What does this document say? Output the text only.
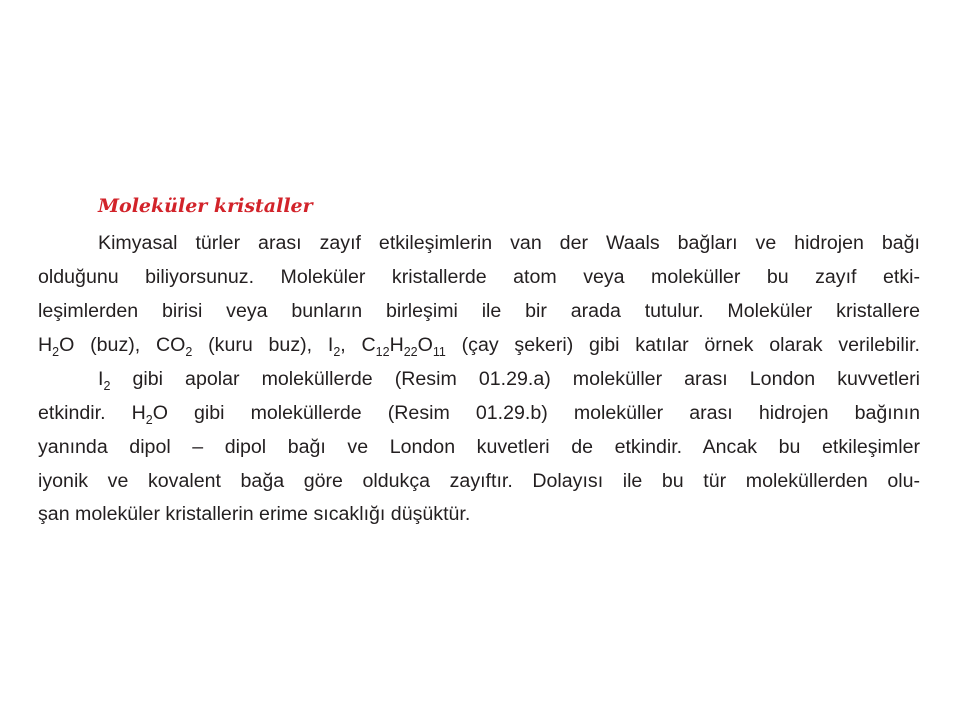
Moleküler kristaller
Kimyasal türler arası zayıf etkileşimlerin van der Waals bağları ve hidrojen bağı
olduğunu biliyorsunuz. Moleküler kristallerde atom veya moleküller bu zayıf etki-
leşimlerden birisi veya bunların birleşimi ile bir arada tutulur. Moleküler kristallere
$H_2O$ (buz), $CO_2$ (kuru buz), $I_2$, $C_{12}H_{22}O_{11}$ (çay şekeri) gibi katılar örnek olarak verilebilir.
$I_2$ gibi apolar moleküllerde (Resim 01.29.a) moleküller arası London kuvvetleri
etkindir. $H_2O$ gibi moleküllerde (Resim 01.29.b) moleküller arası hidrojen bağının
yanında dipol – dipol bağı ve London kuvetleri de etkindir. Ancak bu etkileşimler
iyonik ve kovalent bağa göre oldukça zayıftır. Dolayısı ile bu tür moleküllerden olu-
şan moleküler kristallerin erime sıcaklığı düşüktür.
